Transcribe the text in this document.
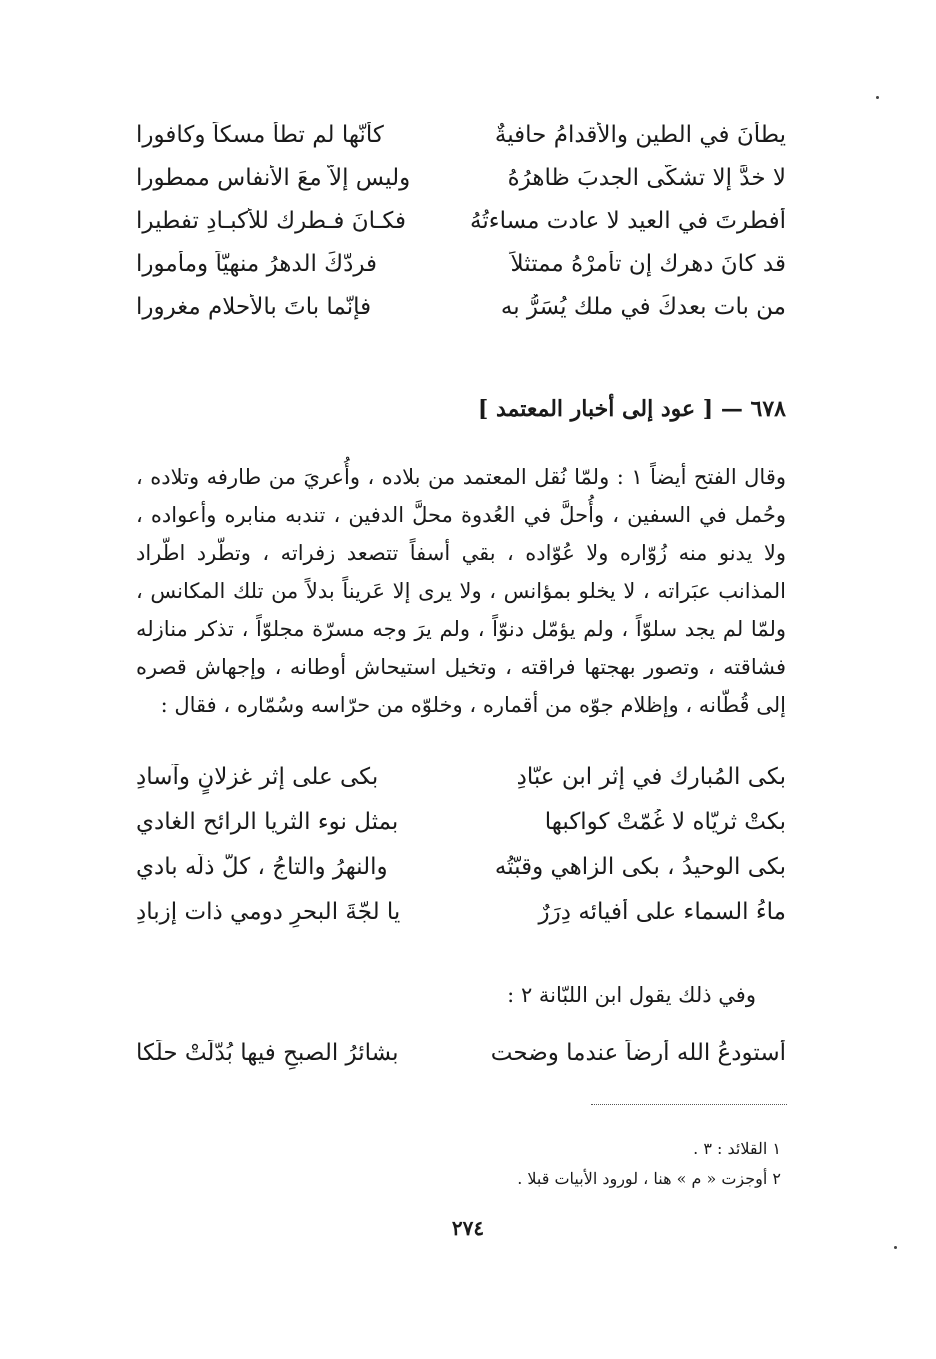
يطأنَ في الطين والأقدامُ حافيةٌ
كأنّها لم تطأ مسكاً وكافورا
لا خدَّ إلا تشكّى الجدبَ ظاهرُهُ
وليس إلاّ معَ الأنفاس ممطورا
أفطرتَ في العيد لا عادت مساءتُهُ
فكـانَ فـطرك للأكبـادِ تفطيرا
قد كانَ دهرك إن تأمرْهُ ممتثلاً
فردّكَ الدهرُ منهيّاً ومأمورا
من بات بعدكَ في ملك يُسَرُّ به
فإنّما باتَ بالأحلام مغرورا
٦٧٨ — [ عود إلى أخبار المعتمد ]
وقال الفتح أيضاً ١ : ولمّا نُقل المعتمد من بلاده ، وأُعريَ من طارفه وتلاده ، وحُمل في السفين ، وأُحلَّ في العُدوة محلَّ الدفين ، تندبه منابره وأعواده ، ولا يدنو منه زُوّاره ولا عُوّاده ، بقي أسفاً تتصعد زفراته ، وتطّرد اطّراد المذانب عبَراته ، لا يخلو بمؤانس ، ولا يرى إلا عَريناً بدلاً من تلك المكانس ، ولمّا لم يجد سلوّاً ، ولم يؤمّل دنوّاً ، ولم يرَ وجه مسرّة مجلوّاً ، تذكر منازله فشاقته ، وتصور بهجتها فراقته ، وتخيل استيحاش أوطانه ، وإجهاش قصره إلى قُطّانه ، وإظلام جوّه من أقماره ، وخلوّه من حرّاسه وسُمّاره ، فقال :
بكى المُبارك في إثر ابن عبّادِ
بكى على إثر غزلانٍ وآسادِ
بكتْ ثريّاه لا غُمّتْ كواكبها
بمثل نوء الثريا الرائح الغادي
بكى الوحيدُ ، بكى الزاهي وقبّتُه
والنهرُ والتاجُ ، كلٌّ ذلّه بادي
ماءُ السماء على أفيائه دِرَرٌ
يا لجّةَ البحرِ دومي ذات إزبادِ
وفي ذلك يقول ابن اللبّانة ٢ :
أستودعُ الله أرضاً عندما وضحت
بشائرُ الصبحِ فيها بُدّلَتْ حلَكا
١ القلائد : ٣ .
٢ أوجزت « م » هنا ، لورود الأبيات قبلا .
٢٧٤
